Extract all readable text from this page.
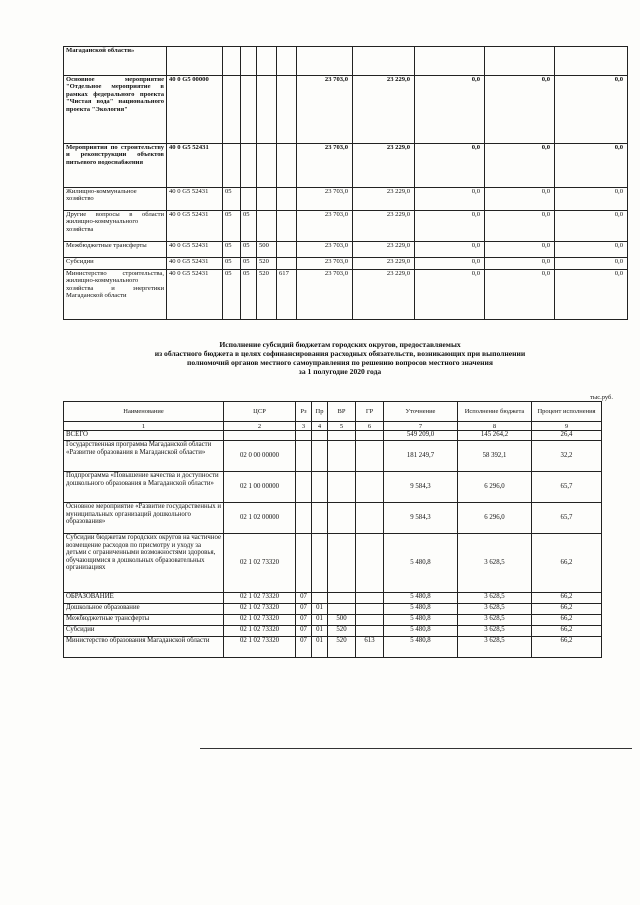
Магаданской области»										
Основное мероприятие "Отдельное мероприятие в рамках федерального проекта "Чистая вода" национального проекта "Экология"	40 0 G5 00000					23 703,0	23 229,0	0,0	0,0	0,0
Мероприятия по строительству и реконструкции объектов питьевого водоснабжения	40 0 G5 52431					23 703,0	23 229,0	0,0	0,0	0,0
Жилищно-коммунальное хозяйство	40 0 G5 52431	05				23 703,0	23 229,0	0,0	0,0	0,0
Другие вопросы в области жилищно-коммунального хозяйства	40 0 G5 52431	05	05			23 703,0	23 229,0	0,0	0,0	0,0
Межбюджетные трансферты	40 0 G5 52431	05	05	500		23 703,0	23 229,0	0,0	0,0	0,0
Субсидии	40 0 G5 52431	05	05	520		23 703,0	23 229,0	0,0	0,0	0,0
Министерство строительства, жилищно-коммунального хозяйства и энергетики Магаданской области	40 0 G5 52431	05	05	520	617	23 703,0	23 229,0	0,0	0,0	0,0
Исполнение субсидий бюджетам городских округов, предоставляемых
из областного бюджета в целях софинансирования расходных обязательств, возникающих при выполнении
полномочий органов местного самоуправления по решению вопросов местного значения
за 1 полугодие 2020 года
тыс.руб.
Наименование	ЦСР	Рз	Пр	ВР	ГР	Уточнение	Исполнение бюджета	Процент исполнения
1	2	3	4	5	6	7	8	9
ВСЕГО						549 209,0	145 264,2	26,4
Государственная программа Магаданской области «Развитие образования в Магаданской области»	02 0 00 00000					181 249,7	58 392,1	32,2
Подпрограмма «Повышение качества и доступности дошкольного образования в Магаданской области»	02 1 00 00000					9 584,3	6 296,0	65,7
Основное мероприятие «Развитие государственных и муниципальных организаций дошкольного образования»	02 1 02 00000					9 584,3	6 296,0	65,7
Субсидии бюджетам городских округов на частичное возмещение расходов по присмотру и уходу за детьми с ограниченными возможностями здоровья, обучающимися в дошкольных образовательных организациях	02 1 02 73320					5 480,8	3 628,5	66,2
ОБРАЗОВАНИЕ	02 1 02 73320	07				5 480,8	3 628,5	66,2
Дошкольное образование	02 1 02 73320	07	01			5 480,8	3 628,5	66,2
Межбюджетные трансферты	02 1 02 73320	07	01	500		5 480,8	3 628,5	66,2
Субсидии	02 1 02 73320	07	01	520		5 480,8	3 628,5	66,2
Министерство образования Магаданской области	02 1 02 73320	07	01	520	613	5 480,8	3 628,5	66,2
